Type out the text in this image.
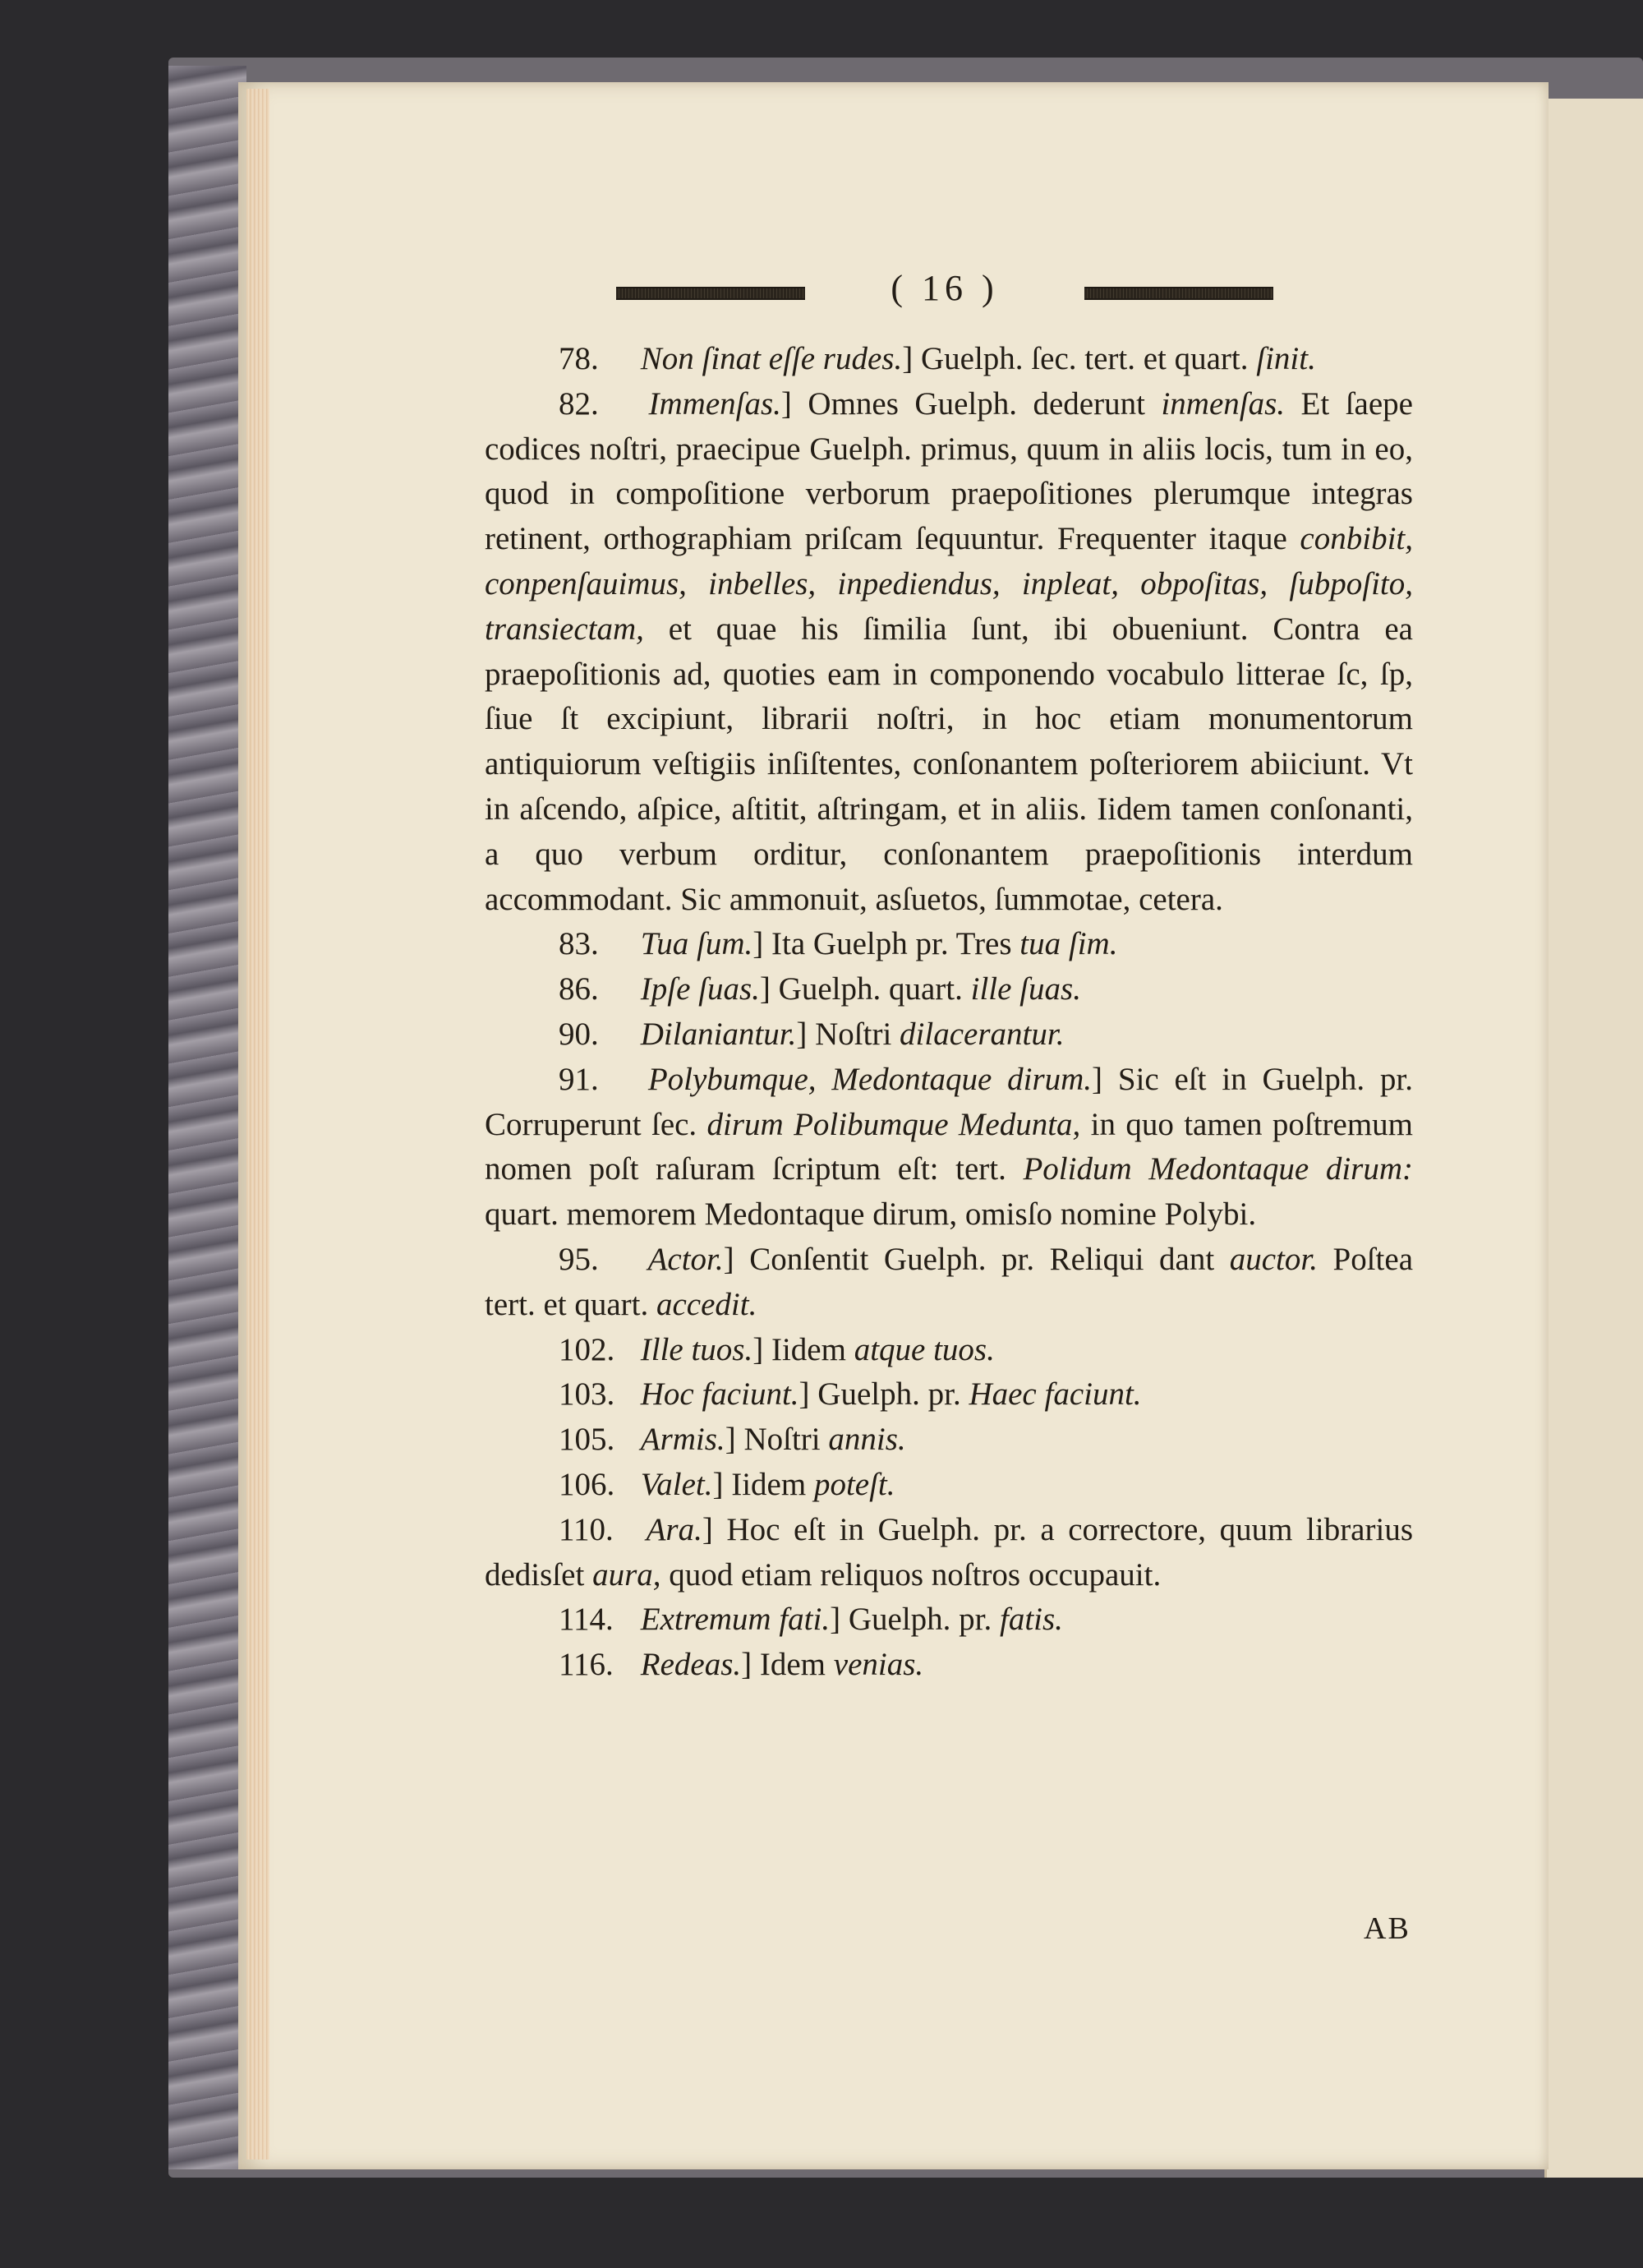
( 16 )

78. Non ſinat eſſe rudes.] Guelph. ſec. tert. et quart. ſinit.

82. Immenſas.] Omnes Guelph. dederunt inmenſas. Et ſaepe codices noſtri, praecipue Guelph. primus, quum in aliis locis, tum in eo, quod in compoſitione verborum praepoſitiones plerumque integras retinent, orthographiam priſcam ſequuntur. Frequenter itaque conbibit, conpenſauimus, inbelles, inpediendus, inpleat, obpoſitas, ſubpoſito, transiectam, et quae his ſimilia ſunt, ibi obueniunt. Contra ea praepoſitionis ad, quoties eam in componendo vocabulo litterae ſc, ſp, ſiue ſt excipiunt, librarii noſtri, in hoc etiam monumentorum antiquiorum veſtigiis inſiſtentes, conſonantem poſteriorem abiiciunt. Vt in aſcendo, aſpice, aſtitit, aſtringam, et in aliis. Iidem tamen conſonanti, a quo verbum orditur, conſonantem praepoſitionis interdum accommodant. Sic ammonuit, asſuetos, ſummotae, cetera.

83. Tua ſum.] Ita Guelph pr. Tres tua ſim.

86. Ipſe ſuas.] Guelph. quart. ille ſuas.

90. Dilaniantur.] Noſtri dilacerantur.

91. Polybumque, Medontaque dirum.] Sic eſt in Guelph. pr. Corruperunt ſec. dirum Polibumque Medunta, in quo tamen poſtremum nomen poſt raſuram ſcriptum eſt: tert. Polidum Medontaque dirum: quart. memorem Medontaque dirum, omisſo nomine Polybi.

95. Actor.] Conſentit Guelph. pr. Reliqui dant auctor. Poſtea tert. et quart. accedit.

102. Ille tuos.] Iidem atque tuos.

103. Hoc faciunt.] Guelph. pr. Haec faciunt.

105. Armis.] Noſtri annis.

106. Valet.] Iidem poteſt.

110. Ara.] Hoc eſt in Guelph. pr. a correctore, quum librarius dedisſet aura, quod etiam reliquos noſtros occupauit.

114. Extremum fati.] Guelph. pr. fatis.

116. Redeas.] Idem venias.

AB
